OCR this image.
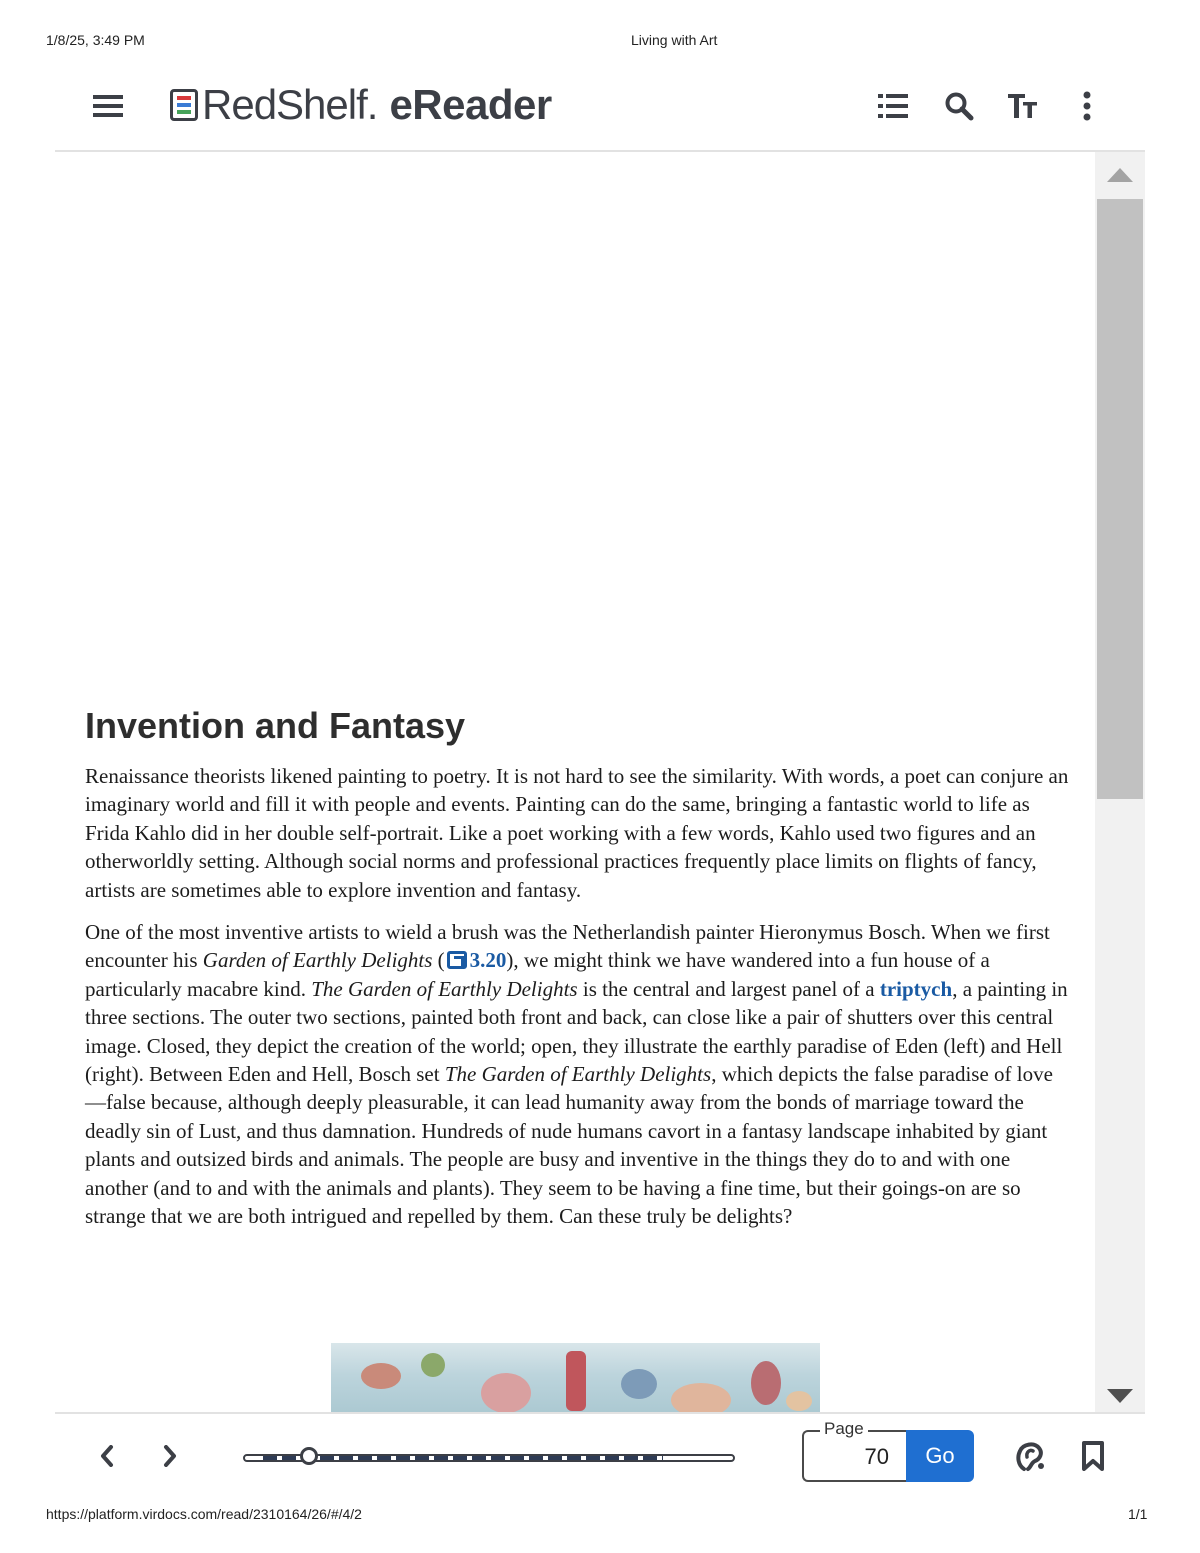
1/8/25, 3:49 PM	Living with Art
RedShelf. eReader
Invention and Fantasy

Renaissance theorists likened painting to poetry. It is not hard to see the similarity. With words, a poet can conjure an imaginary world and fill it with people and events. Painting can do the same, bringing a fantastic world to life as Frida Kahlo did in her double self-portrait. Like a poet working with a few words, Kahlo used two figures and an otherworldly setting. Although social norms and professional practices frequently place limits on flights of fancy, artists are sometimes able to explore invention and fantasy.

One of the most inventive artists to wield a brush was the Netherlandish painter Hieronymus Bosch. When we first encounter his Garden of Earthly Delights ( 3.20), we might think we have wandered into a fun house of a particularly macabre kind. The Garden of Earthly Delights is the central and largest panel of a triptych, a painting in three sections. The outer two sections, painted both front and back, can close like a pair of shutters over this central image. Closed, they depict the creation of the world; open, they illustrate the earthly paradise of Eden (left) and Hell (right). Between Eden and Hell, Bosch set The Garden of Earthly Delights, which depicts the false paradise of love—false because, although deeply pleasurable, it can lead humanity away from the bonds of marriage toward the deadly sin of Lust, and thus damnation. Hundreds of nude humans cavort in a fantasy landscape inhabited by giant plants and outsized birds and animals. The people are busy and inventive in the things they do to and with one another (and to and with the animals and plants). They seem to be having a fine time, but their goings-on are so strange that we are both intrigued and repelled by them. Can these truly be delights?

Page
70
Go
https://platform.virdocs.com/read/2310164/26/#/4/2	1/1
